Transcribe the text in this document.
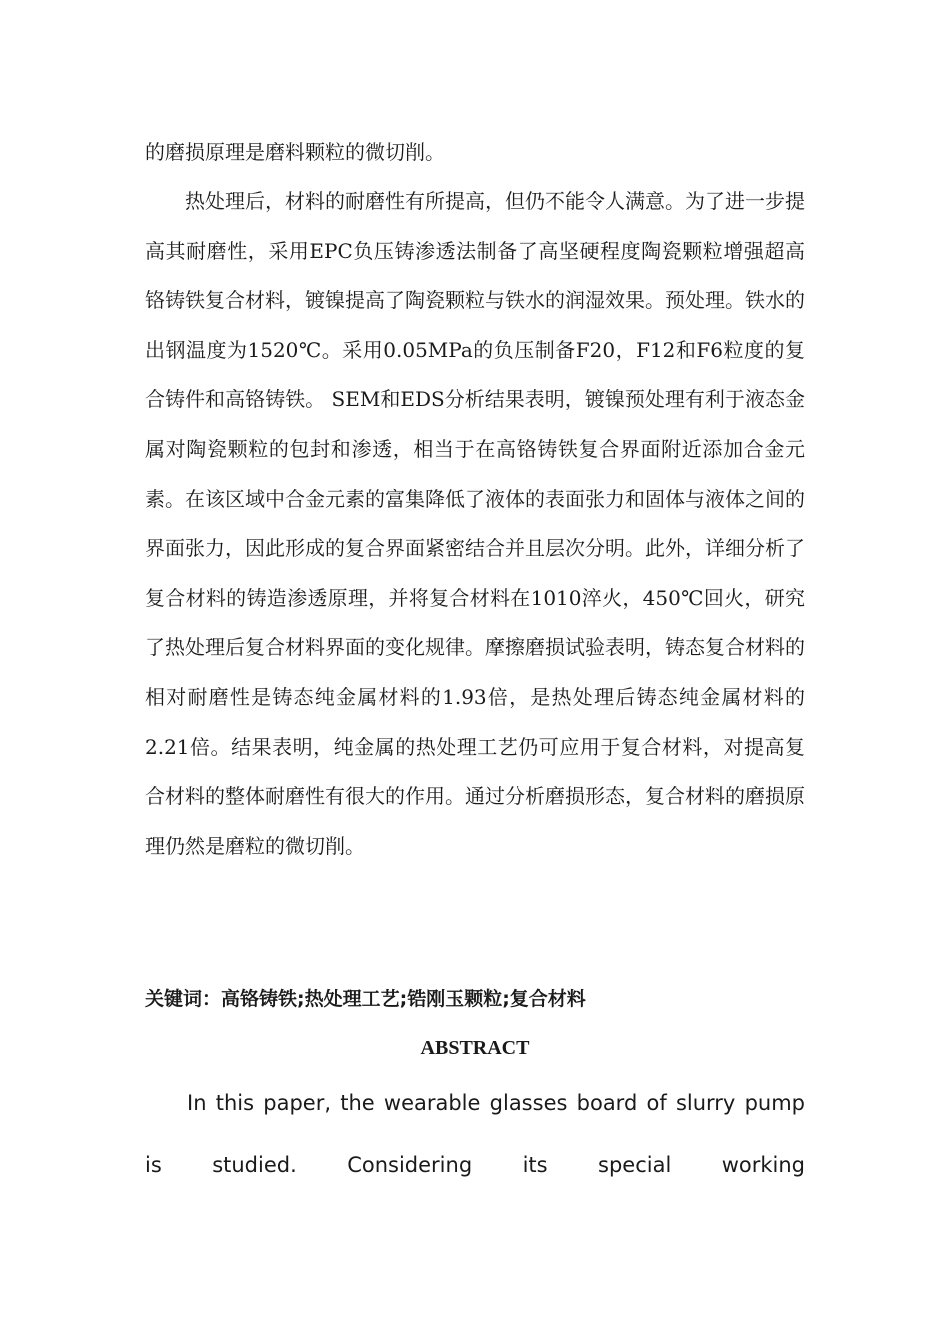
的磨损原理是磨料颗粒的微切削。

热处理后，材料的耐磨性有所提高，但仍不能令人满意。为了进一步提高其耐磨性，采用EPC负压铸渗透法制备了高坚硬程度陶瓷颗粒增强超高铬铸铁复合材料，镀镍提高了陶瓷颗粒与铁水的润湿效果。预处理。铁水的出钢温度为1520℃。采用0.05MPa的负压制备F20，F12和F6粒度的复合铸件和高铬铸铁。 SEM和EDS分析结果表明，镀镍预处理有利于液态金属对陶瓷颗粒的包封和渗透，相当于在高铬铸铁复合界面附近添加合金元素。在该区域中合金元素的富集降低了液体的表面张力和固体与液体之间的界面张力，因此形成的复合界面紧密结合并且层次分明。此外，详细分析了复合材料的铸造渗透原理，并将复合材料在1010淬火，450℃回火，研究了热处理后复合材料界面的变化规律。摩擦磨损试验表明，铸态复合材料的相对耐磨性是铸态纯金属材料的1.93倍，是热处理后铸态纯金属材料的2.21倍。结果表明，纯金属的热处理工艺仍可应用于复合材料，对提高复合材料的整体耐磨性有很大的作用。通过分析磨损形态，复合材料的磨损原理仍然是磨粒的微切削。

关键词：高铬铸铁;热处理工艺;锆刚玉颗粒;复合材料

ABSTRACT

In this paper, the wearable glasses board of slurry pump is studied. Considering its special working
